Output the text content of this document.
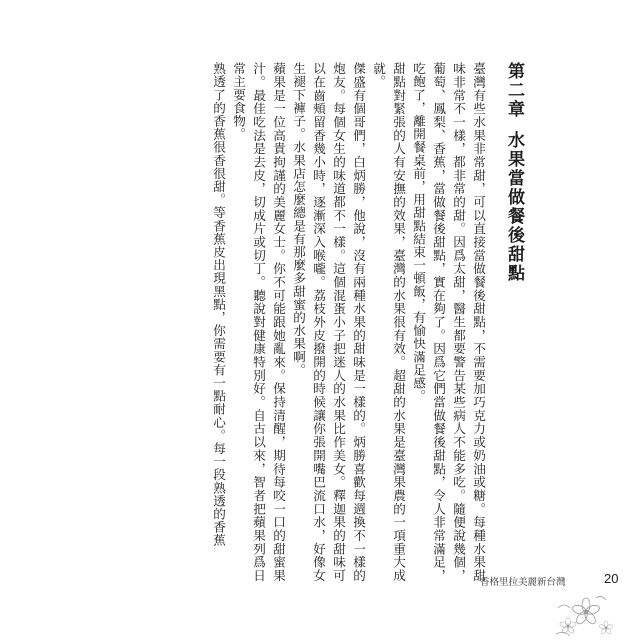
第二章水果當做餐後甜點

臺灣有些水果非常甜，可以直接當做餐後甜點，不需要加巧克力或奶油或糖。每種水果甜味非常不一樣，都非常的甜。因爲太甜，醫生都要警告某些病人不能多吃。隨便說幾個，葡萄、鳳梨、香蕉，當做餐後甜點，實在夠了。因爲它們當做餐後甜點，令人非常滿足，吃飽了，離開餐桌前，用甜點結束一頓飯，有愉快滿足感。

甜點對緊張的人有安撫的效果，臺灣的水果很有效。超甜的水果是臺灣果農的一項重大成就。

傑盛有個哥們，白炳勝，他說，沒有兩種水果的甜味是一樣的。炳勝喜歡每週換不一樣的炮友。每個女生的味道都不一樣。這個混蛋小子把迷人的水果比作美女。釋迦果的甜味可以在齒頰留香幾小時，逐漸深入喉嚨。荔枝外皮撥開的時候讓你張開嘴巴流口水，好像女生褪下褲子。水果店怎麼總是有那麼多甜蜜的水果啊。

蘋果是一位高貴拘謹的美麗女士。你不可能跟她亂來。保持清醒，期待每咬一口的甜蜜果汁。最佳吃法是去皮，切成片或切丁。聽說對健康特別好。自古以來，智者把蘋果列爲日常主要食物。

熟透了的香蕉很香很甜。等香蕉皮出現黑點，你需要有一點耐心。每一段熟透的香蕉

香格里拉美麗新台灣	20
